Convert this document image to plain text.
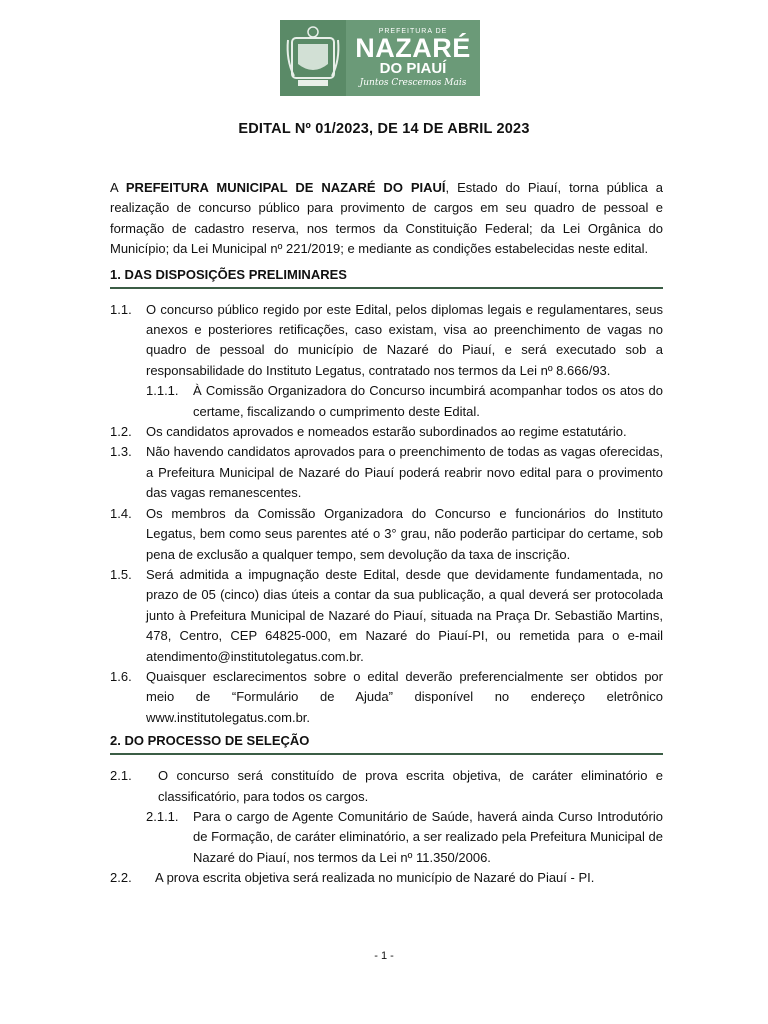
PREFEITURA DE
NAZARÉ
DO PIAUÍ
Juntos Crescemos Mais
EDITAL Nº 01/2023, DE 14 DE ABRIL 2023
A PREFEITURA MUNICIPAL DE NAZARÉ DO PIAUÍ, Estado do Piauí, torna pública a realização de concurso público para provimento de cargos em seu quadro de pessoal e formação de cadastro reserva, nos termos da Constituição Federal; da Lei Orgânica do Município; da Lei Municipal nº 221/2019; e mediante as condições estabelecidas neste edital.
1. DAS DISPOSIÇÕES PRELIMINARES
1.1.	O concurso público regido por este Edital, pelos diplomas legais e regulamentares, seus anexos e posteriores retificações, caso existam, visa ao preenchimento de vagas no quadro de pessoal do município de Nazaré do Piauí, e será executado sob a responsabilidade do Instituto Legatus, contratado nos termos da Lei nº 8.666/93.
1.1.1.	À Comissão Organizadora do Concurso incumbirá acompanhar todos os atos do certame, fiscalizando o cumprimento deste Edital.
1.2.	Os candidatos aprovados e nomeados estarão subordinados ao regime estatutário.
1.3.	Não havendo candidatos aprovados para o preenchimento de todas as vagas oferecidas, a Prefeitura Municipal de Nazaré do Piauí poderá reabrir novo edital para o provimento das vagas remanescentes.
1.4.	Os membros da Comissão Organizadora do Concurso e funcionários do Instituto Legatus, bem como seus parentes até o 3° grau, não poderão participar do certame, sob pena de exclusão a qualquer tempo, sem devolução da taxa de inscrição.
1.5.	Será admitida a impugnação deste Edital, desde que devidamente fundamentada, no prazo de 05 (cinco) dias úteis a contar da sua publicação, a qual deverá ser protocolada junto à Prefeitura Municipal de Nazaré do Piauí, situada na Praça Dr. Sebastião Martins, 478, Centro, CEP 64825-000, em Nazaré do Piauí-PI, ou remetida para o e-mail atendimento@institutolegatus.com.br.
1.6.	Quaisquer esclarecimentos sobre o edital deverão preferencialmente ser obtidos por meio de “Formulário de Ajuda” disponível no endereço eletrônico www.institutolegatus.com.br.
2. DO PROCESSO DE SELEÇÃO
2.1.	O concurso será constituído de prova escrita objetiva, de caráter eliminatório e classificatório, para todos os cargos.
2.1.1.	Para o cargo de Agente Comunitário de Saúde, haverá ainda Curso Introdutório de Formação, de caráter eliminatório, a ser realizado pela Prefeitura Municipal de Nazaré do Piauí, nos termos da Lei nº 11.350/2006.
2.2.	A prova escrita objetiva será realizada no município de Nazaré do Piauí - PI.
- 1 -
